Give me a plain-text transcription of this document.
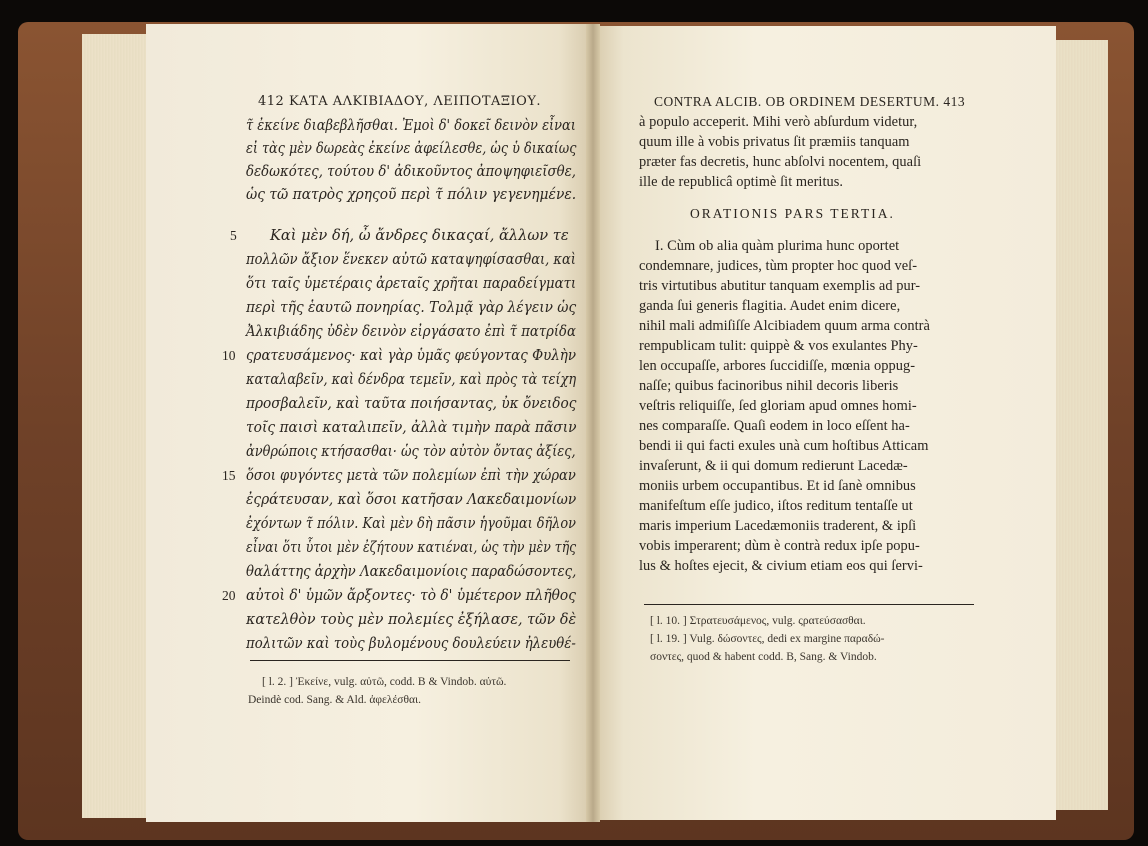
412 ΚΑΤΑ ΑΛΚΙΒΙΑΔΟΥ, ΛΕΙΠΟΤΑΞΙΟΥ.
τ̃ ἐκείνε διαβεβλῆσθαι. Ἐμοὶ δ' δοκεῖ δεινὸν εἶναι
εἰ τὰς μὲν δωρεὰς ἐκείνε ἀφείλεσθε, ὡς ὑ δικαίως
δεδωκότες, τούτου δ' ἀδικοῦντος ἀποψηφιεῖσθε,
ὡς τῶ πατρὸς χρηςοῦ περὶ τ̃ πόλιν γεγενημένε.
Καὶ μὲν δή, ὦ ἄνδρες δικαςαί, ἄλλων τε
πολλῶν ἄξιον ἕνεκεν αὐτῶ καταψηφίσασθαι, καὶ
ὅτι ταῖς ὑμετέραις ἀρεταῖς χρῆται παραδείγματι
περὶ τῆς ἑαυτῶ πονηρίας. Τολμᾷ γὰρ λέγειν ὡς
Ἀλκιβιάδης ὐδὲν δεινὸν εἰργάσατο ἐπὶ τ̃ πατρίδα
ςρατευσάμενος· καὶ γὰρ ὑμᾶς φεύγοντας Φυλὴν
καταλαβεῖν, καὶ δένδρα τεμεῖν, καὶ πρὸς τὰ τείχη
προσβαλεῖν, καὶ ταῦτα ποιήσαντας, ὐκ ὄνειδος
τοῖς παισὶ καταλιπεῖν, ἀλλὰ τιμὴν παρὰ πᾶσιν
ἀνθρώποις κτήσασθαι· ὡς τὸν αὐτὸν ὄντας ἀξίες,
ὅσοι φυγόντες μετὰ τῶν πολεμίων ἐπὶ τὴν χώραν
ἐςράτευσαν, καὶ ὅσοι κατῆσαν Λακεδαιμονίων
ἐχόντων τ̃ πόλιν. Καὶ μὲν δὴ πᾶσιν ἡγοῦμαι δῆλον
εἶναι ὅτι ὗτοι μὲν ἐζήτουν κατιέναι, ὡς τὴν μὲν τῆς
θαλάττης ἀρχὴν Λακεδαιμονίοις παραδώσοντες,
αὐτοὶ δ' ὑμῶν ἄρξοντες· τὸ δ' ὑμέτερον πλῆθος
κατελθὸν τοὺς μὲν πολεμίες ἐξήλασε, τῶν δὲ
πολιτῶν καὶ τοὺς βυλομένους δουλεύειν ἠλευθέ-
5
10
15
20
[ l. 2. ] Ἐκείνε, vulg. αὐτῶ, codd. B & Vindob. αὐτῶ.
Deindè cod. Sang. & Ald. ἀφελέσθαι.
CONTRA ALCIB. OB ORDINEM DESERTUM. 413
à populo acceperit. Mihi verò abſurdum videtur,
quum ille à vobis privatus ſit præmiis tanquam
præter fas decretis, hunc abſolvi nocentem, quaſi
ille de republicâ optimè ſit meritus.
ORATIONIS PARS TERTIA.
I. Cùm ob alia quàm plurima hunc oportet
condemnare, judices, tùm propter hoc quod veſ-
tris virtutibus abutitur tanquam exemplis ad pur-
ganda ſui generis flagitia. Audet enim dicere,
nihil mali admiſiſſe Alcibiadem quum arma contrà
rempublicam tulit: quippè & vos exulantes Phy-
len occupaſſe, arbores ſuccidiſſe, mœnia oppug-
naſſe; quibus facinoribus nihil decoris liberis
veſtris reliquiſſe, ſed gloriam apud omnes homi-
nes comparaſſe. Quaſi eodem in loco eſſent ha-
bendi ii qui facti exules unà cum hoſtibus Atticam
invaſerunt, & ii qui domum redierunt Lacedæ-
moniis urbem occupantibus. Et id ſanè omnibus
manifeſtum eſſe judico, iſtos reditum tentaſſe ut
maris imperium Lacedæmoniis traderent, & ipſi
vobis imperarent; dùm è contrà redux ipſe popu-
lus & hoſtes ejecit, & civium etiam eos qui ſervi-
[ l. 10. ] Στρατευσάμενος, vulg. ςρατεύσασθαι.
[ l. 19. ] Vulg. δώσοντες, dedi ex margine παραδώ-
σοντες, quod & habent codd. B, Sang. & Vindob.
